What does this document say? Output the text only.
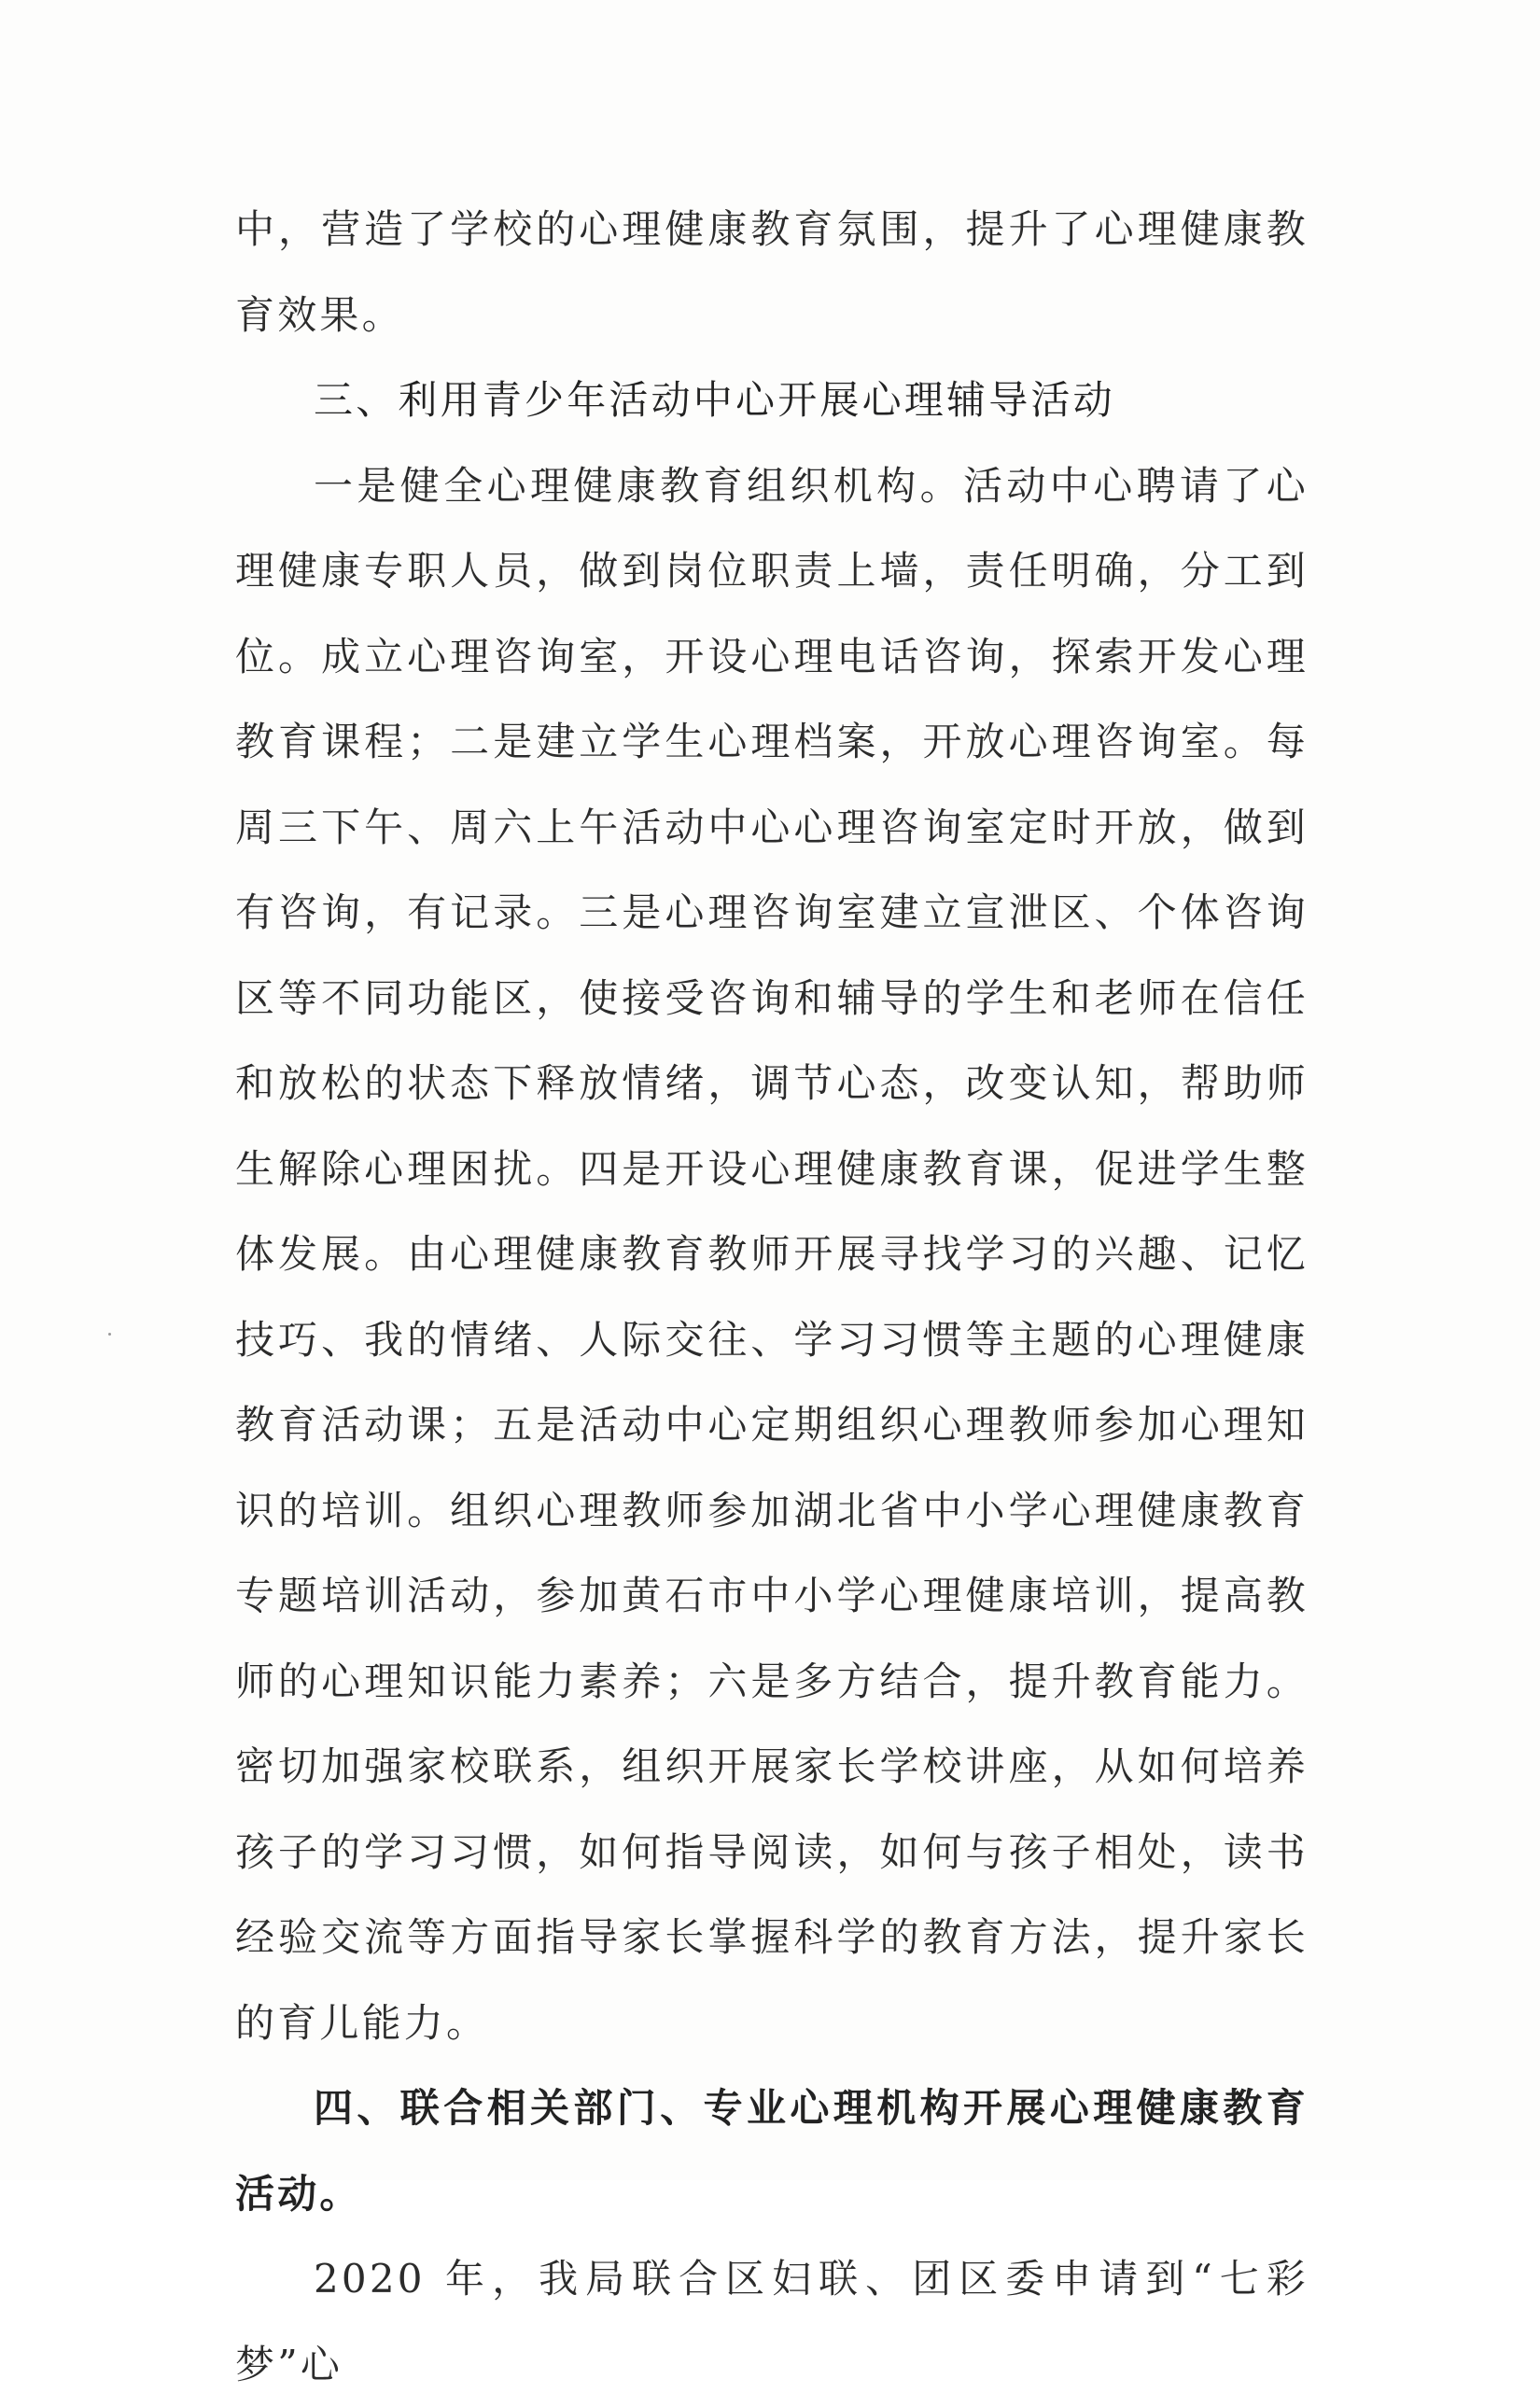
中，营造了学校的心理健康教育氛围，提升了心理健康教育效果。

三、利用青少年活动中心开展心理辅导活动

一是健全心理健康教育组织机构。活动中心聘请了心理健康专职人员，做到岗位职责上墙，责任明确，分工到位。成立心理咨询室，开设心理电话咨询，探索开发心理教育课程；二是建立学生心理档案，开放心理咨询室。每周三下午、周六上午活动中心心理咨询室定时开放，做到有咨询，有记录。三是心理咨询室建立宣泄区、个体咨询区等不同功能区，使接受咨询和辅导的学生和老师在信任和放松的状态下释放情绪，调节心态，改变认知，帮助师生解除心理困扰。四是开设心理健康教育课，促进学生整体发展。由心理健康教育教师开展寻找学习的兴趣、记忆技巧、我的情绪、人际交往、学习习惯等主题的心理健康教育活动课；五是活动中心定期组织心理教师参加心理知识的培训。组织心理教师参加湖北省中小学心理健康教育专题培训活动，参加黄石市中小学心理健康培训，提高教师的心理知识能力素养；六是多方结合，提升教育能力。密切加强家校联系，组织开展家长学校讲座，从如何培养孩子的学习习惯，如何指导阅读，如何与孩子相处，读书经验交流等方面指导家长掌握科学的教育方法，提升家长的育儿能力。

四、联合相关部门、专业心理机构开展心理健康教育活动。

2020 年，我局联合区妇联、团区委申请到“七彩梦”心
